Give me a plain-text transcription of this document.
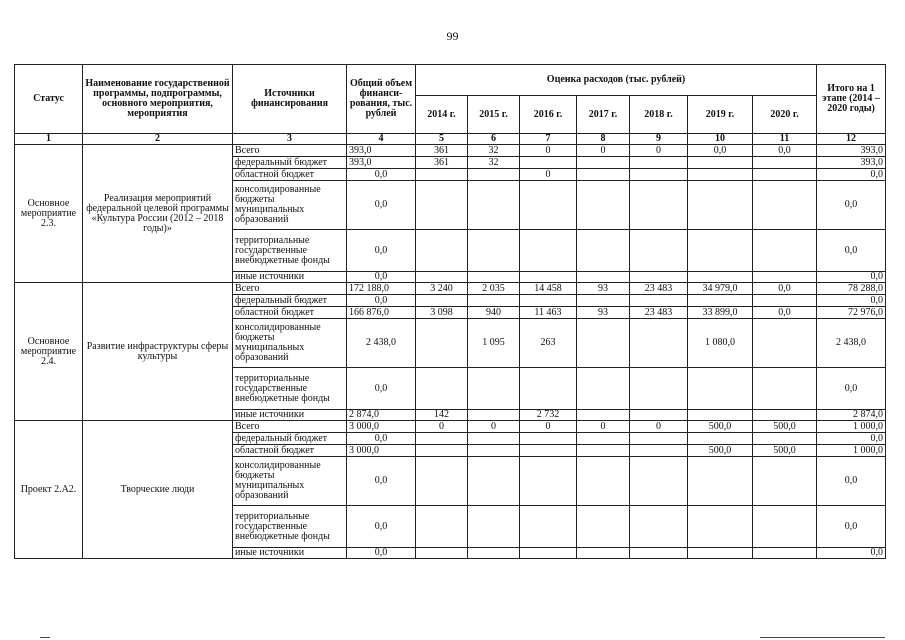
99
Статус	Наименование государственной программы, подпрограммы, основного мероприятия, мероприятия	Источники финансирования	Общий объем финанси-рования, тыс. рублей	Оценка расходов (тыс. рублей)							Итого на 1 этапе (2014 – 2020 годы)
				2014 г.	2015 г.	2016 г.	2017 г.	2018 г.	2019 г.	2020 г.	
1	2	3	4	5	6	7	8	9	10	11	12
Основное мероприятие 2.3.	Реализация мероприятий федеральной целевой программы «Культура России (2012 – 2018 годы)»	Всего	393,0	361	32	0	0	0	0,0	0,0	393,0
		федеральный бюджет	393,0	361	32						393,0
		областной бюджет	0,0			0					0,0
		консолидированные бюджеты муниципальных образований	0,0								0,0
		территориальные государственные внебюджетные фонды	0,0								0,0
		иные источники	0,0								0,0
Основное мероприятие 2.4.	Развитие инфраструктуры сферы культуры	Всего	172 188,0	3 240	2 035	14 458	93	23 483	34 979,0	0,0	78 288,0
		федеральный бюджет	0,0								0,0
		областной бюджет	166 876,0	3 098	940	11 463	93	23 483	33 899,0	0,0	72 976,0
		консолидированные бюджеты муниципальных образований	2 438,0		1 095	263			1 080,0		2 438,0
		территориальные государственные внебюджетные фонды	0,0								0,0
		иные источники	2 874,0	142		2 732					2 874,0
Проект 2.А2.	Творческие люди	Всего	3 000,0	0	0	0	0	0	500,0	500,0	1 000,0
		федеральный бюджет	0,0								0,0
		областной бюджет	3 000,0						500,0	500,0	1 000,0
		консолидированные бюджеты муниципальных образований	0,0								0,0
		территориальные государственные внебюджетные фонды	0,0								0,0
		иные источники	0,0								0,0
